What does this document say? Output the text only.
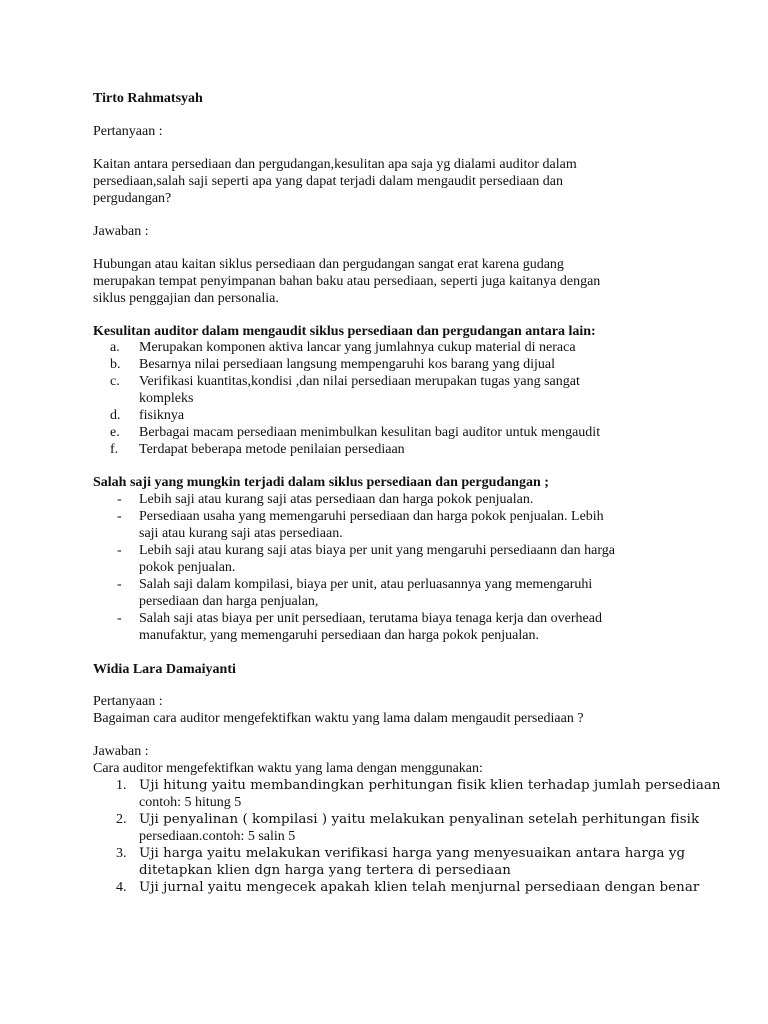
Tirto Rahmatsyah
Pertanyaan :
Kaitan antara persediaan dan pergudangan,kesulitan apa saja yg dialami auditor dalam
persediaan,salah saji seperti apa yang dapat terjadi dalam mengaudit persediaan dan
pergudangan?
Jawaban :
Hubungan atau kaitan siklus persediaan dan pergudangan sangat erat karena gudang
merupakan tempat penyimpanan bahan baku atau persediaan, seperti juga kaitanya dengan
siklus penggajian dan personalia.
Kesulitan auditor dalam mengaudit siklus persediaan dan pergudangan antara lain:
a. Merupakan komponen aktiva lancar yang jumlahnya cukup material di neraca
b. Besarnya nilai persediaan langsung mempengaruhi kos barang yang dijual
c. Verifikasi kuantitas,kondisi ,dan nilai persediaan merupakan tugas yang sangat
kompleks
d. fisiknya
e. Berbagai macam persediaan menimbulkan kesulitan bagi auditor untuk mengaudit
f. Terdapat beberapa metode penilaian persediaan
Salah saji yang mungkin terjadi dalam siklus persediaan dan pergudangan ;
- Lebih saji atau kurang saji atas persediaan dan harga pokok penjualan.
- Persediaan usaha yang memengaruhi persediaan dan harga pokok penjualan. Lebih
saji atau kurang saji atas persediaan.
- Lebih saji atau kurang saji atas biaya per unit yang mengaruhi persediaann dan harga
pokok penjualan.
- Salah saji dalam kompilasi, biaya per unit, atau perluasannya yang memengaruhi
persediaan dan harga penjualan,
- Salah saji atas biaya per unit persediaan, terutama biaya tenaga kerja dan overhead
manufaktur, yang memengaruhi persediaan dan harga pokok penjualan.
Widia Lara Damaiyanti
Pertanyaan :
Bagaiman cara auditor mengefektifkan waktu yang lama dalam mengaudit persediaan ?
Jawaban :
Cara auditor mengefektifkan waktu yang lama dengan menggunakan:
1. Uji hitung yaitu membandingkan perhitungan fisik klien terhadap jumlah persediaan
contoh: 5 hitung 5
2. Uji penyalinan ( kompilasi ) yaitu melakukan penyalinan setelah perhitungan fisik
persediaan.contoh: 5 salin 5
3. Uji harga yaitu melakukan verifikasi harga yang menyesuaikan antara harga yg
ditetapkan klien dgn harga yang tertera di persediaan
4. Uji jurnal yaitu mengecek apakah klien telah menjurnal persediaan dengan benar
